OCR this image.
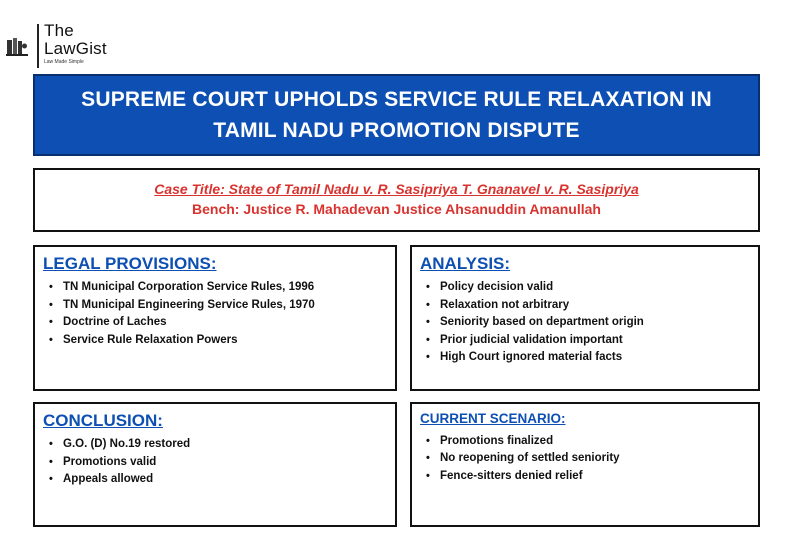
The
LawGist
Law Made Simple
SUPREME COURT UPHOLDS SERVICE RULE RELAXATION IN TAMIL NADU PROMOTION DISPUTE
Case Title: State of Tamil Nadu v. R. Sasipriya T. Gnanavel v. R. Sasipriya
Bench: Justice R. Mahadevan Justice Ahsanuddin Amanullah
LEGAL PROVISIONS:
• TN Municipal Corporation Service Rules, 1996
• TN Municipal Engineering Service Rules, 1970
• Doctrine of Laches
• Service Rule Relaxation Powers
ANALYSIS:
• Policy decision valid
• Relaxation not arbitrary
• Seniority based on department origin
• Prior judicial validation important
• High Court ignored material facts
CONCLUSION:
• G.O. (D) No.19 restored
• Promotions valid
• Appeals allowed
CURRENT SCENARIO:
• Promotions finalized
• No reopening of settled seniority
• Fence-sitters denied relief
